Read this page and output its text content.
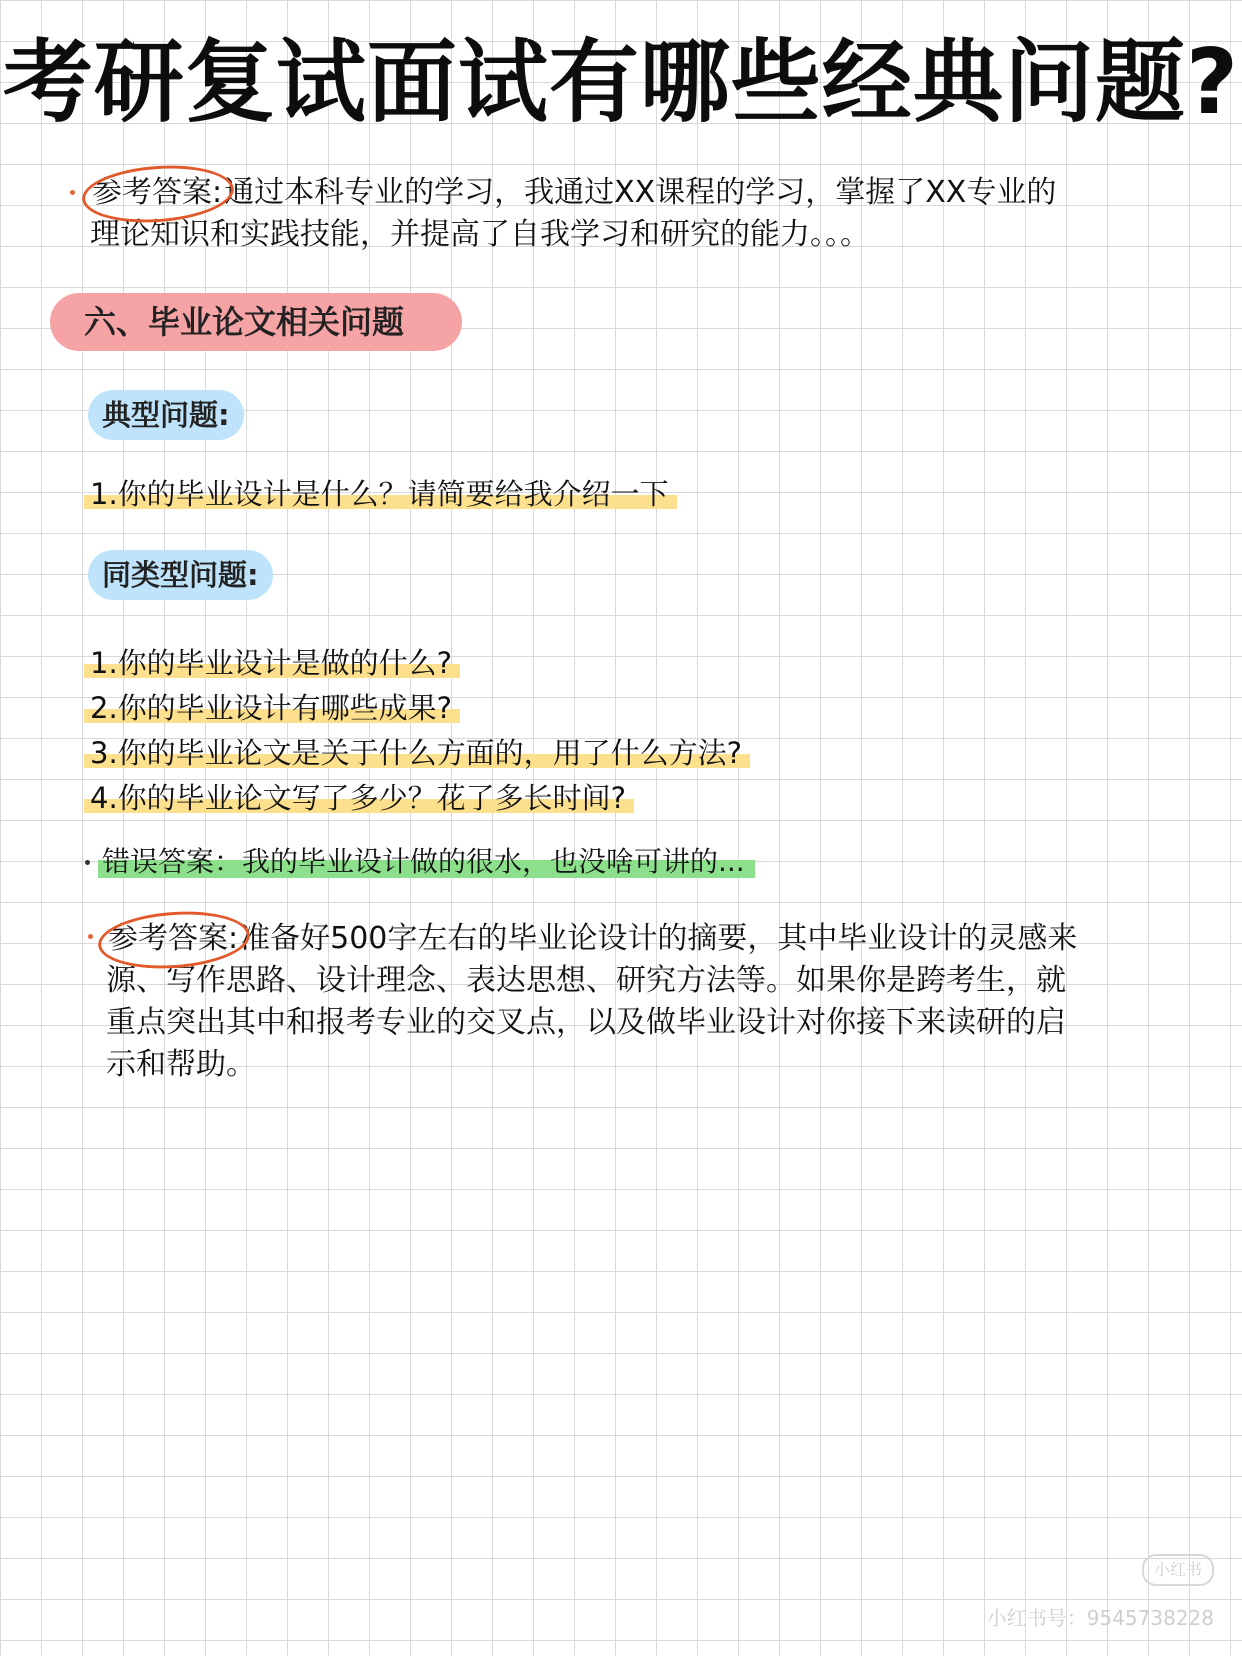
考研复试面试有哪些经典问题?
参考答案:通过本科专业的学习，我通过XX课程的学习，掌握了XX专业的
理论知识和实践技能，并提高了自我学习和研究的能力。。。
六、毕业论文相关问题
典型问题:
1.你的毕业设计是什么？请简要给我介绍一下
同类型问题:
1.你的毕业设计是做的什么?
2.你的毕业设计有哪些成果?
3.你的毕业论文是关于什么方面的，用了什么方法?
4.你的毕业论文写了多少？花了多长时间?
错误答案：我的毕业设计做的很水，也没啥可讲的...
参考答案:准备好500字左右的毕业论设计的摘要，其中毕业设计的灵感来
源、写作思路、设计理念、表达思想、研究方法等。如果你是跨考生，就
重点突出其中和报考专业的交叉点，以及做毕业设计对你接下来读研的启
示和帮助。
小红书
小红书号：9545738228
